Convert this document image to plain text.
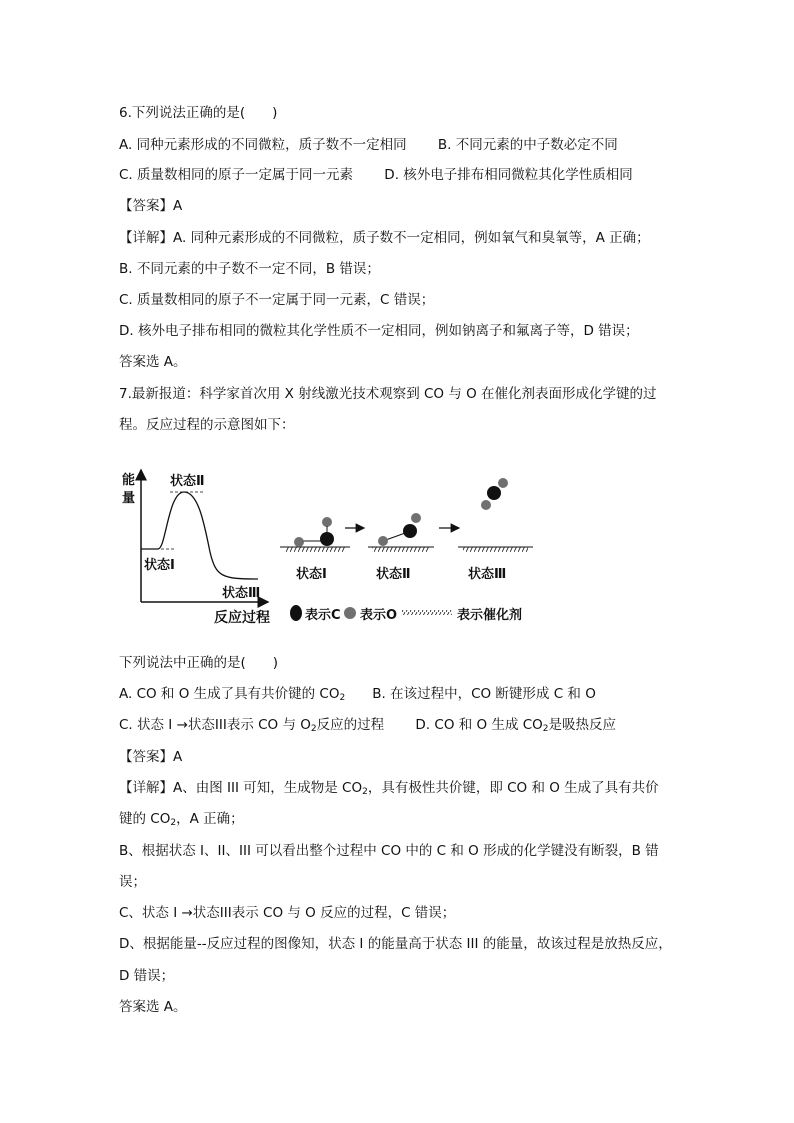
6.下列说法正确的是(　　)
A. 同种元素形成的不同微粒，质子数不一定相同　　 B. 不同元素的中子数必定不同
C. 质量数相同的原子一定属于同一元素　　 D. 核外电子排布相同微粒其化学性质相同
【答案】A
【详解】A. 同种元素形成的不同微粒，质子数不一定相同，例如氧气和臭氧等，A 正确；
B. 不同元素的中子数不一定不同，B 错误；
C. 质量数相同的原子不一定属于同一元素，C 错误；
D. 核外电子排布相同的微粒其化学性质不一定相同，例如钠离子和氟离子等，D 错误；
答案选 A。
7.最新报道：科学家首次用 X 射线激光技术观察到 CO 与 O 在催化剂表面形成化学键的过
程。反应过程的示意图如下：
能
量
反应过程
状态Ⅰ
状态Ⅱ
状态Ⅲ
状态Ⅰ	状态Ⅱ	状态Ⅲ
表示C 表示O	表示催化剂
下列说法中正确的是(　　)
A. CO 和 O 生成了具有共价键的 $CO_2$　　B. 在该过程中，CO 断键形成 C 和 O
C. 状态 I →状态III表示 CO 与 $O_2$反应的过程　　 D. CO 和 O 生成 $CO_2$是吸热反应
【答案】A
【详解】A、由图 III 可知，生成物是 $CO_2$，具有极性共价键，即 CO 和 O 生成了具有共价
键的 $CO_2$，A 正确；
B、根据状态 I、II、III 可以看出整个过程中 CO 中的 C 和 O 形成的化学键没有断裂，B 错
误；
C、状态 I →状态III表示 CO 与 O 反应的过程，C 错误；
D、根据能量--反应过程的图像知，状态 I 的能量高于状态 III 的能量，故该过程是放热反应，
D 错误；
答案选 A。
